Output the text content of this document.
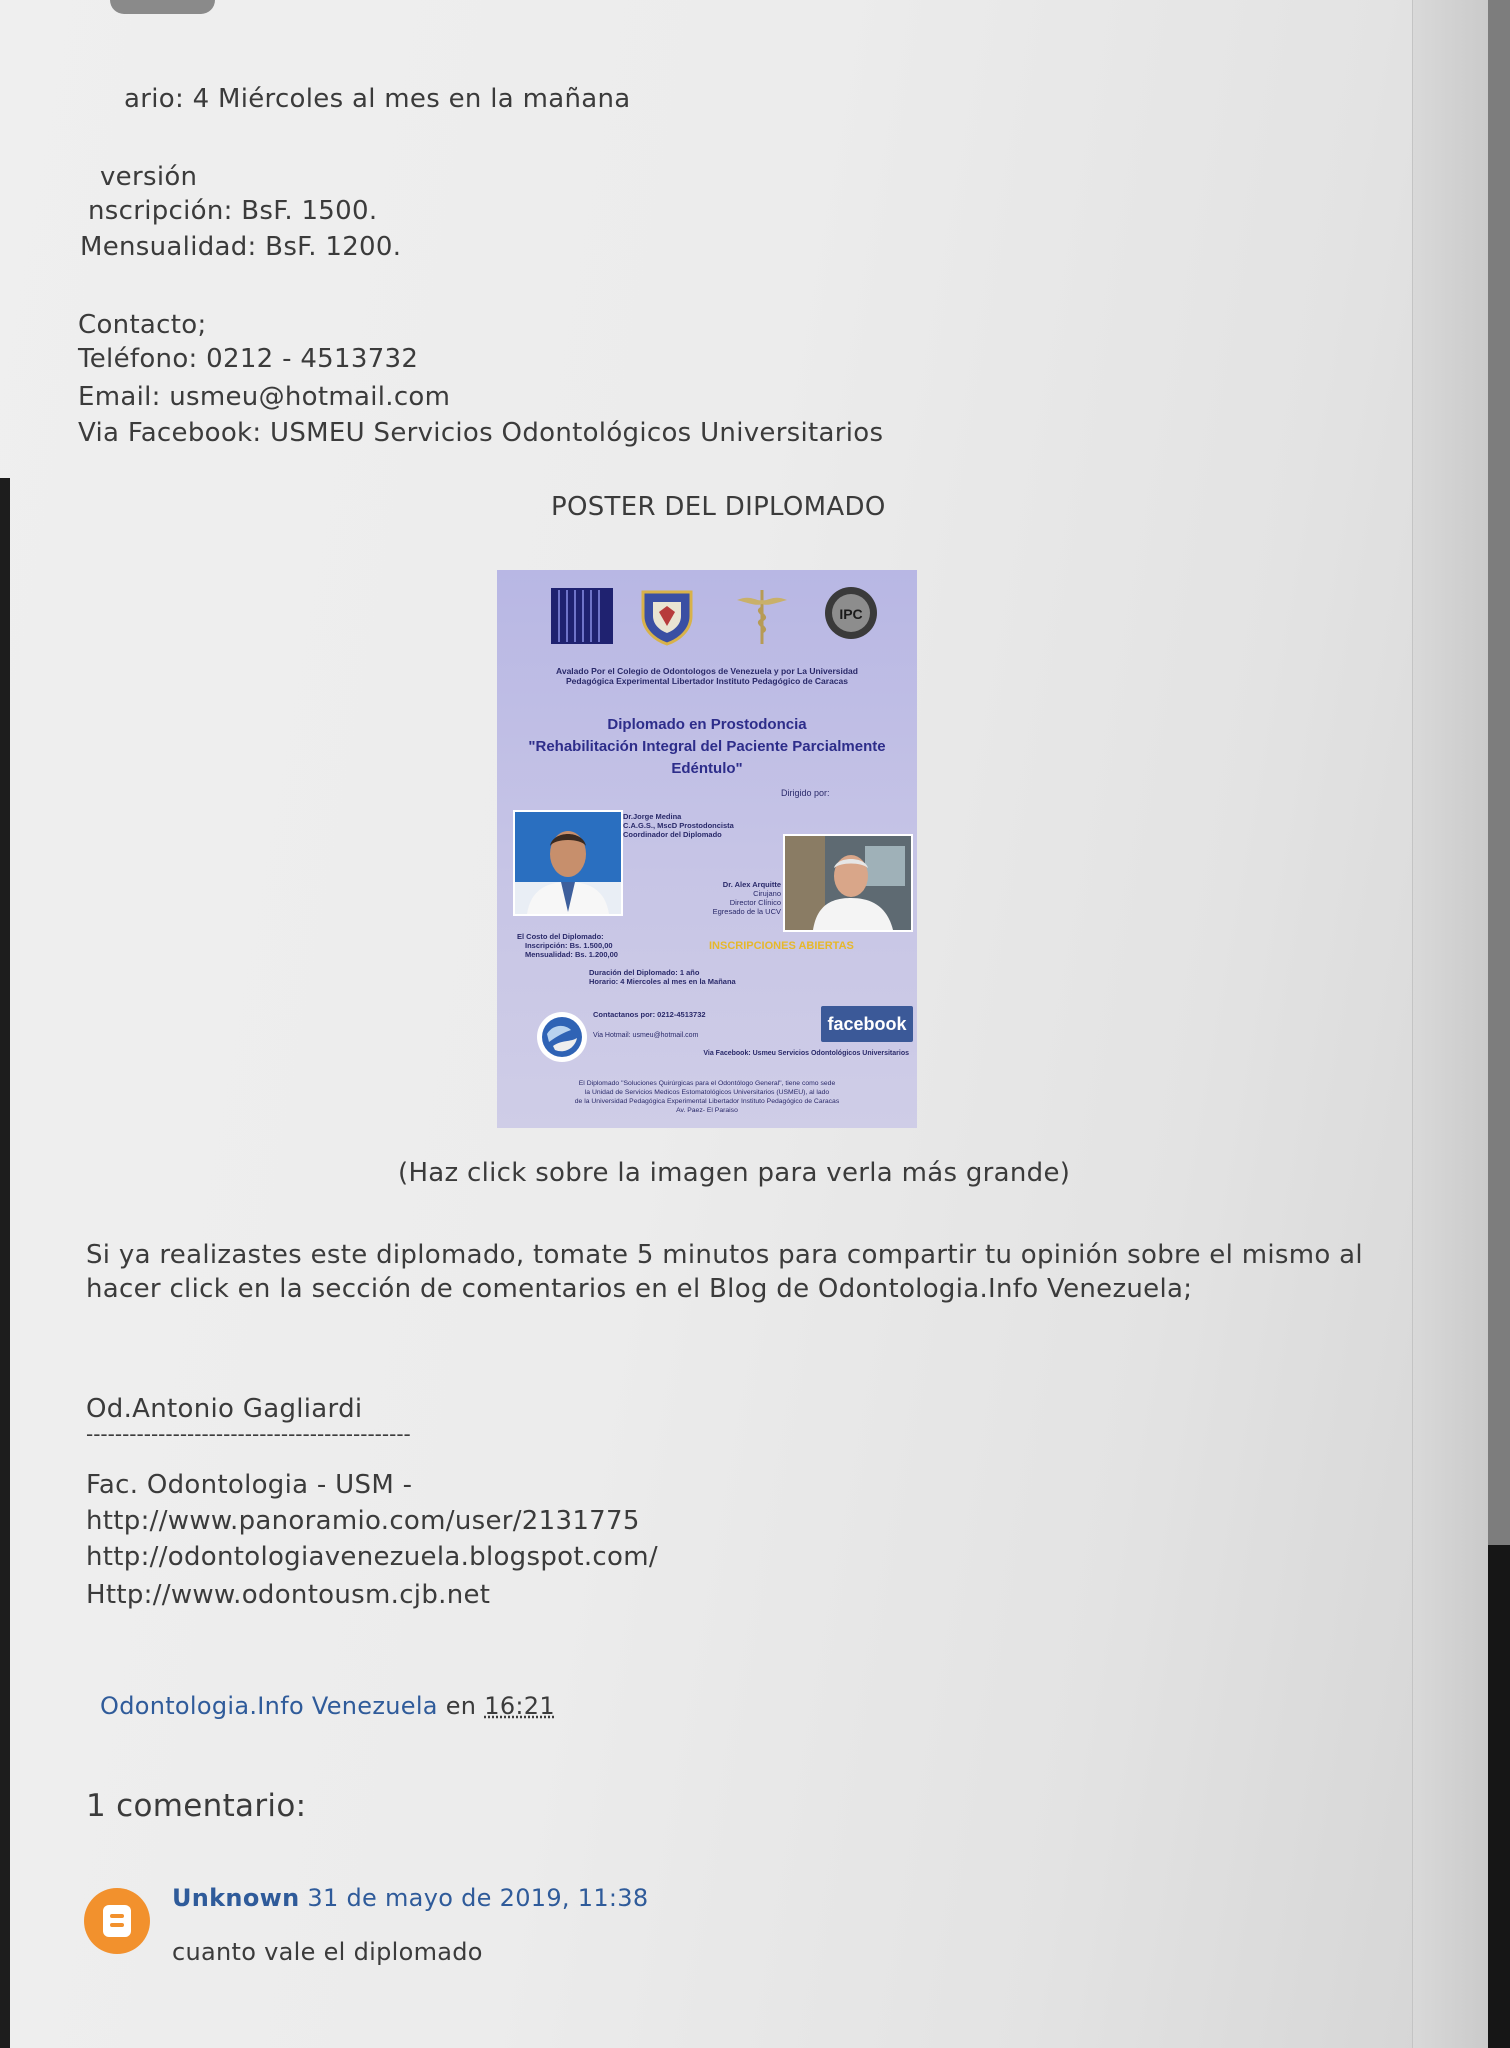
ario: 4 Miércoles al mes en la mañana
versión
nscripción: BsF. 1500.
Mensualidad: BsF. 1200.
Contacto;
Teléfono: 0212 - 4513732
Email: usmeu@hotmail.com
Via Facebook: USMEU Servicios Odontológicos Universitarios
POSTER DEL DIPLOMADO
IPC
Avalado Por el Colegio de Odontologos de Venezuela y por La Universidad
Pedagógica Experimental Libertador Instituto Pedagógico de Caracas
Diplomado en Prostodoncia
"Rehabilitación Integral del Paciente Parcialmente
Edéntulo"
Dirigido por:
Dr.Jorge Medina
C.A.G.S., MscD Prostodoncista
Coordinador del Diplomado
Dr. Alex Arquitte
Cirujano
Director Clínico
Egresado de la UCV
El Costo del Diplomado:
Inscripción: Bs. 1.500,00
Mensualidad: Bs. 1.200,00
INSCRIPCIONES ABIERTAS
Duración del Diplomado: 1 año
Horario: 4 Miercoles al mes en la Mañana
Contactanos por: 0212-4513732
Via Hotmail: usmeu@hotmail.com
facebook
Via Facebook: Usmeu Servicios Odontológicos Universitarios
El Diplomado "Soluciones Quirúrgicas para el Odontólogo General", tiene como sede
la Unidad de Servicios Medicos Estomatológicos Universitarios (USMEU), al lado
de la Universidad Pedagógica Experimental Libertador Instituto Pedagógico de Caracas
Av. Paez- El Paraiso
(Haz click sobre la imagen para verla más grande)
Si ya realizastes este diplomado, tomate 5 minutos para compartir tu opinión sobre el mismo al
hacer click en la sección de comentarios en el Blog de Odontologia.Info Venezuela;
Od.Antonio Gagliardi
---------------------------------------------
Fac. Odontologia - USM -
http://www.panoramio.com/user/2131775
http://odontologiavenezuela.blogspot.com/
Http://www.odontousm.cjb.net
Odontologia.Info Venezuela en 16:21
1 comentario:
Unknown 31 de mayo de 2019, 11:38
cuanto vale el diplomado
